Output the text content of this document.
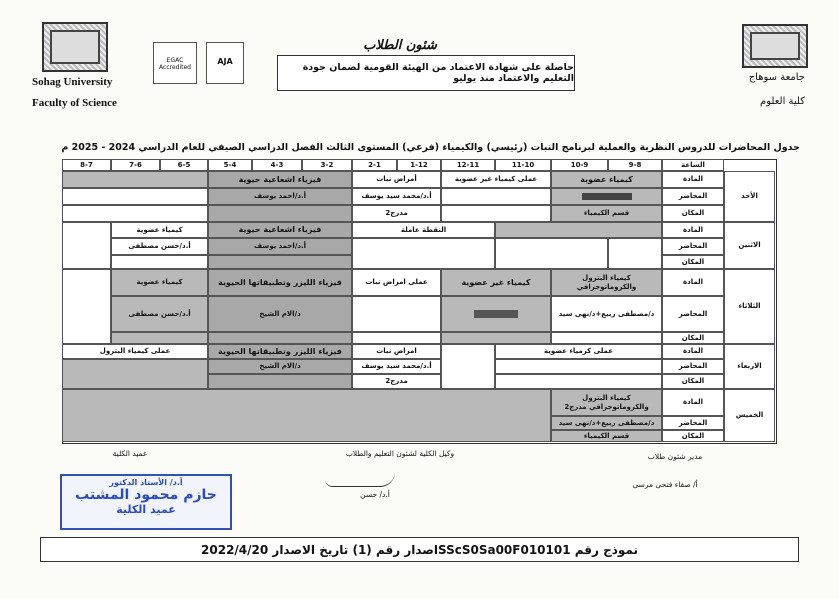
Sohag University
Faculty of Science
جامعة سوهاج
كلية العلوم
EGAC Accredited
AJA
شئون الطلاب
حاصلة على شهادة الاعتماد من الهيئة القومية لضمان جودة التعليم والاعتماد منذ يوليو
جدول المحاضرات للدروس النظرية والعملية لبرنامج النبات (رئيسي) والكيمياء (فرعي) المستوى الثالث الفصل الدراسي الصيفي للعام الدراسي 2024 - 2025 م
الساعة
9-8
10-9
11-10
12-11
1-12
2-1
3-2
4-3
5-4
6-5
7-6
8-7
الأحد
الاثنين
الثلاثاء
الاربعاء
الخميس
المادة
المحاضر
المكان
المادة
المحاضر
المكان
المادة
المحاضر
المكان
المادة
المحاضر
المكان
المادة
المحاضر
المكان
كيمياء عضوية
قسم الكيمياء
عملى كيمياء غير عضوية
أمراض نبات
أ.د/محمد سيد يوسف
مدرج2
فيزياء اشعاعية حيوية
أ.د/احمد يوسف
النقطة عاملة
فيزياء اشعاعية حيوية
أ.د/احمد يوسف
كيمياء عضوية
أ.د/حسن مصطفى
كيمياء البترول والكروماتوجرافي
د/مصطفى ربيع+د/نهى سيد
كيمياء غير عضوية
عملى امراض نبات
فيزياء الليزر وتطبيقاتها الحيوية
د/الام الشيخ
كيمياء عضوية
أ.د/حسن مصطفى
عملى كرمياء عضوية
امراض نبات
أ.د/محمد سيد يوسف
مدرج2
فيزياء الليزر وتطبيقاتها الحيوية
د/الام الشيخ
عملى كيمياء البترول
كيمياء البترول والكروماتوجرافي مدرج2
د/مصطفى ربيع+د/نهى سيد
قسم الكيمياء
مدير شئون طلاب
أ/ صفاء فتحى مرسى
وكيل الكلية لشئون التعليم والطلاب
أ.د/ حسن
عميد الكلية
أ.د/ الأستاذ الدكتور
حازم محمود المشتب
عميد الكلية
نموذج رقم SScS0Sa00F010101اصدار رقم (1) تاريخ الاصدار 2022/4/20
